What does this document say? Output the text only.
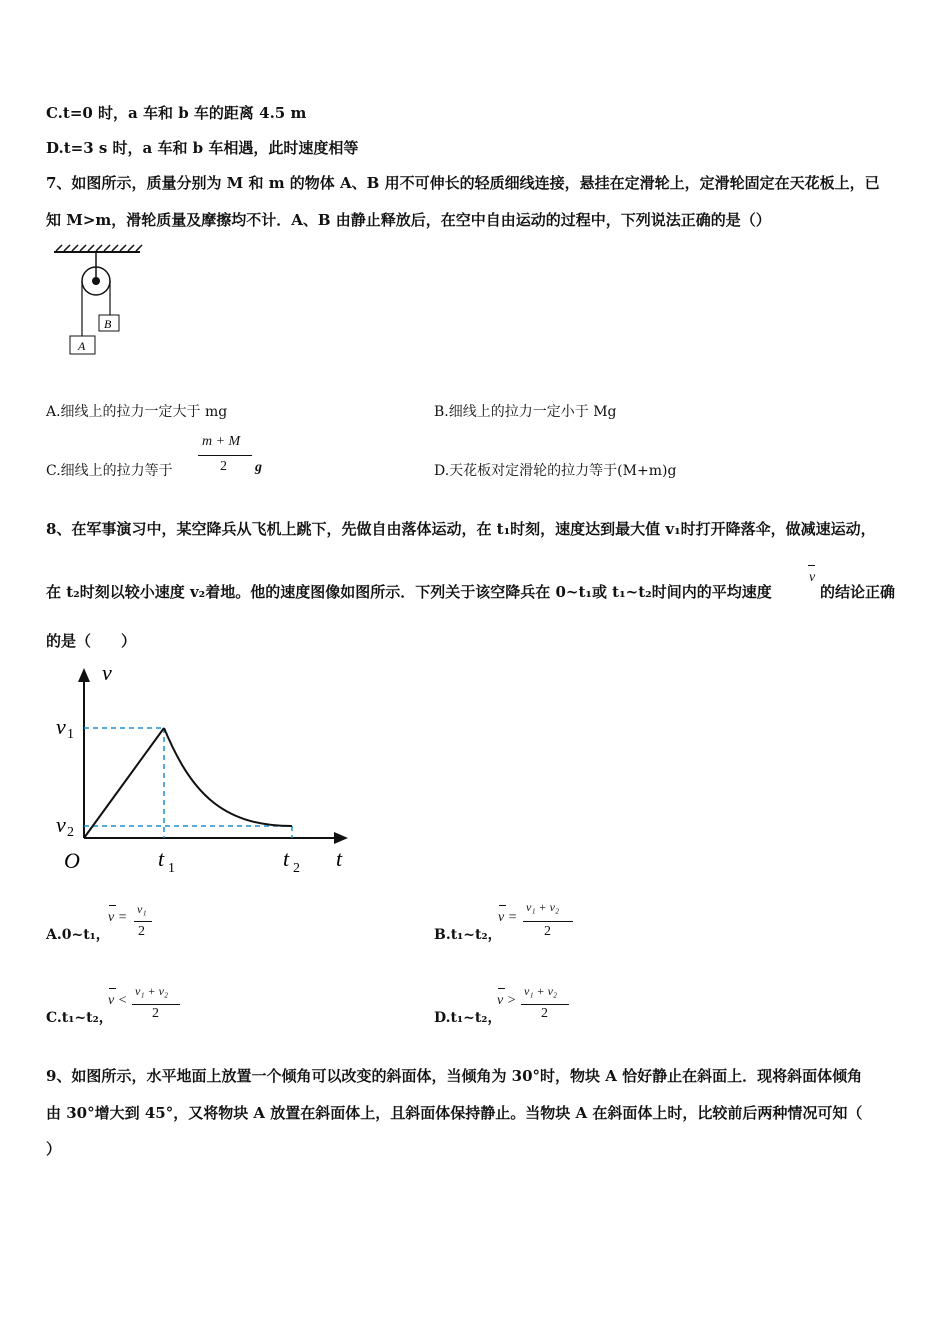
C.t=0 时，a 车和 b 车的距离 4.5 m
D.t=3 s 时，a 车和 b 车相遇，此时速度相等
7、如图所示，质量分别为 M 和 m 的物体 A、B 用不可伸长的轻质细线连接，悬挂在定滑轮上，定滑轮固定在天花板上，已
知 M>m，滑轮质量及摩擦均不计．A、B 由静止释放后，在空中自由运动的过程中，下列说法正确的是（）
A
B
A.细线上的拉力一定大于 mg	B.细线上的拉力一定小于 Mg
C.细线上的拉力等于
m + M
2 g	D.天花板对定滑轮的拉力等于(M+m)g
8、在军事演习中，某空降兵从飞机上跳下，先做自由落体运动，在 t₁时刻，速度达到最大值 v₁时打开降落伞，做减速运动，
在 t₂时刻以较小速度 v₂着地。他的速度图像如图所示．下列关于该空降兵在 0~t₁或 t₁~t₂时间内的平均速度
v
的结论正确
的是（　　）
v
t
O
v 1
v 2
t 1	t 2
A.0~t₁，
v =
v₁
2	B.t₁~t₂，
v =
v₁ + v₂
2
C.t₁~t₂，
v <
v₁ + v₂
2	D.t₁~t₂，
v >
v₁ + v₂
2
9、如图所示，水平地面上放置一个倾角可以改变的斜面体，当倾角为 30°时，物块 A 恰好静止在斜面上．现将斜面体倾角
由 30°增大到 45°，又将物块 A 放置在斜面体上，且斜面体保持静止。当物块 A 在斜面体上时，比较前后两种情况可知（
）
